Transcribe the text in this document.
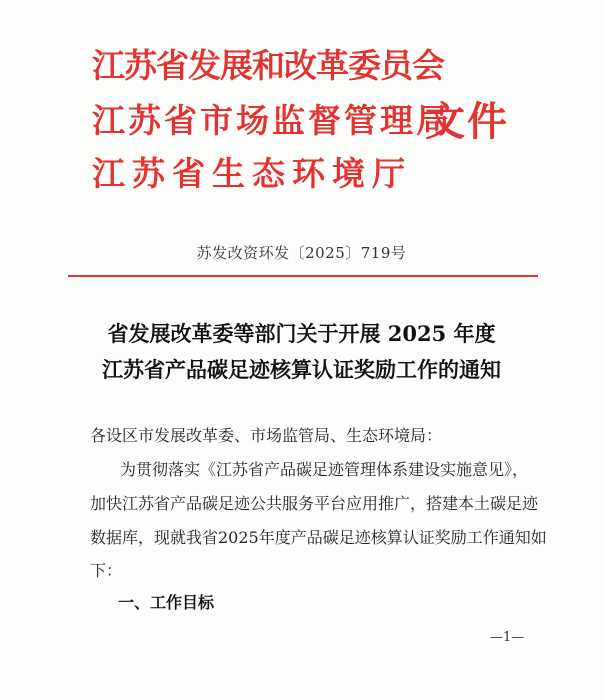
江苏省发展和改革委员会
江苏省市场监督管理局
江苏省生态环境厅
文件
苏发改资环发〔2025〕719号
省发展改革委等部门关于开展 2025 年度
江苏省产品碳足迹核算认证奖励工作的通知
各设区市发展改革委、市场监管局、生态环境局：
为贯彻落实《江苏省产品碳足迹管理体系建设实施意见》，
加快江苏省产品碳足迹公共服务平台应用推广，搭建本土碳足迹
数据库，现就我省2025年度产品碳足迹核算认证奖励工作通知如
下：
一、工作目标
—1—
